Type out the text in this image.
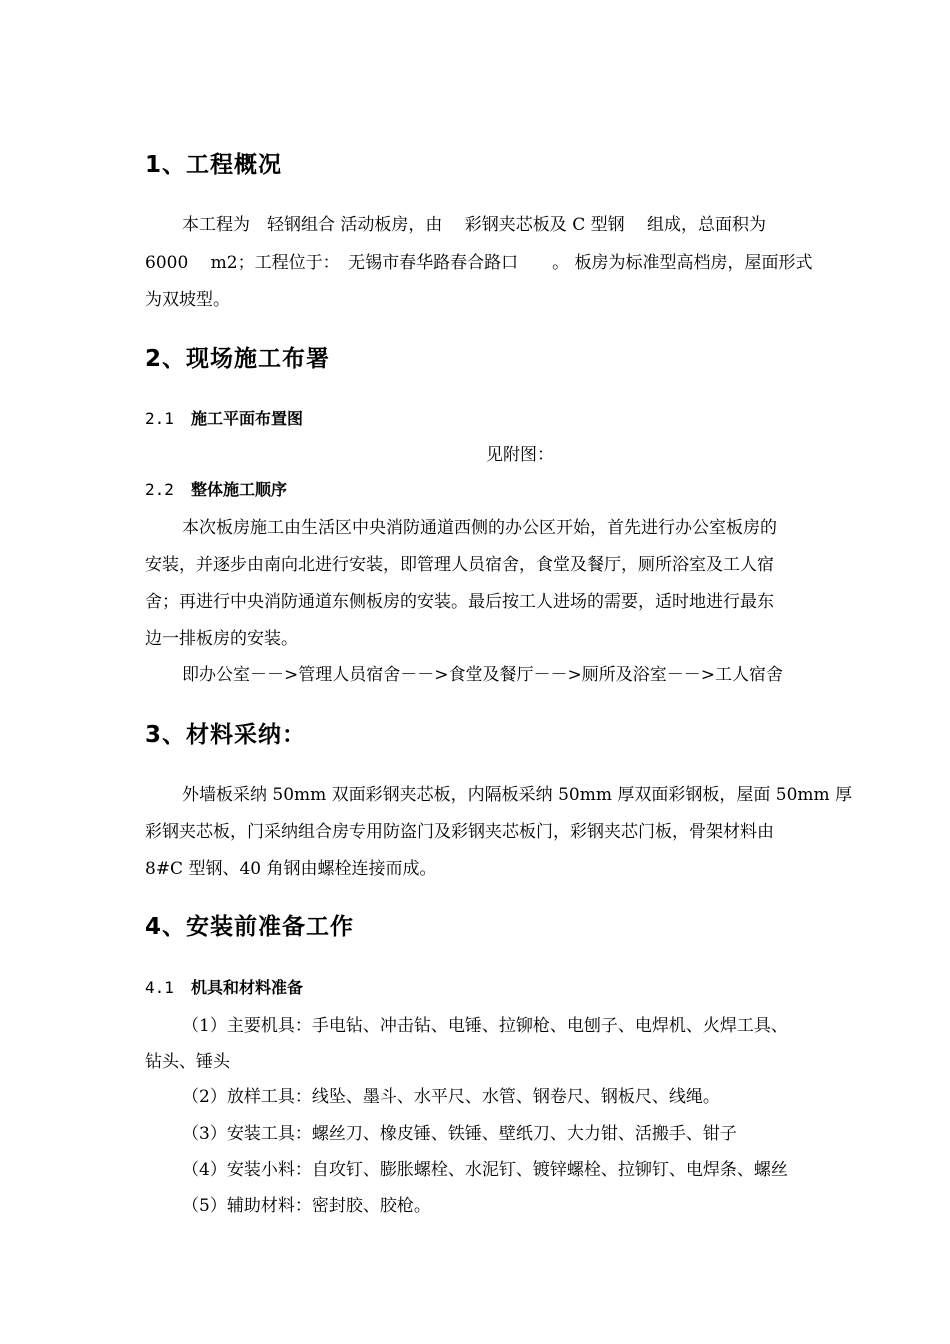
1、工程概况
本工程为　轻钢组合 活动板房，由　 彩钢夹芯板及 C 型钢　 组成，总面积为
6000　 m2；工程位于：　无锡市春华路春合路口　　。 板房为标准型高档房，屋面形式
为双坡型。
2、现场施工布署
2.1 施工平面布置图
见附图：
2.2 整体施工顺序
本次板房施工由生活区中央消防通道西侧的办公区开始，首先进行办公室板房的
安装，并逐步由南向北进行安装，即管理人员宿舍，食堂及餐厅，厕所浴室及工人宿
舍；再进行中央消防通道东侧板房的安装。最后按工人进场的需要，适时地进行最东
边一排板房的安装。
即办公室－－>管理人员宿舍－－>食堂及餐厅－－>厕所及浴室－－>工人宿舍
3、材料采纳：
外墙板采纳 50mm 双面彩钢夹芯板，内隔板采纳 50mm 厚双面彩钢板，屋面 50mm 厚
彩钢夹芯板，门采纳组合房专用防盗门及彩钢夹芯板门，彩钢夹芯门板，骨架材料由
8#C 型钢、40 角钢由螺栓连接而成。
4、安装前准备工作
4.1 机具和材料准备
（1）主要机具：手电钻、冲击钻、电锤、拉铆枪、电刨子、电焊机、火焊工具、
钻头、锤头
（2）放样工具：线坠、墨斗、水平尺、水管、钢卷尺、钢板尺、线绳。
（3）安装工具：螺丝刀、橡皮锤、铁锤、壁纸刀、大力钳、活搬手、钳子
（4）安装小料：自攻钉、膨胀螺栓、水泥钉、镀锌螺栓、拉铆钉、电焊条、螺丝
（5）辅助材料：密封胶、胶枪。
